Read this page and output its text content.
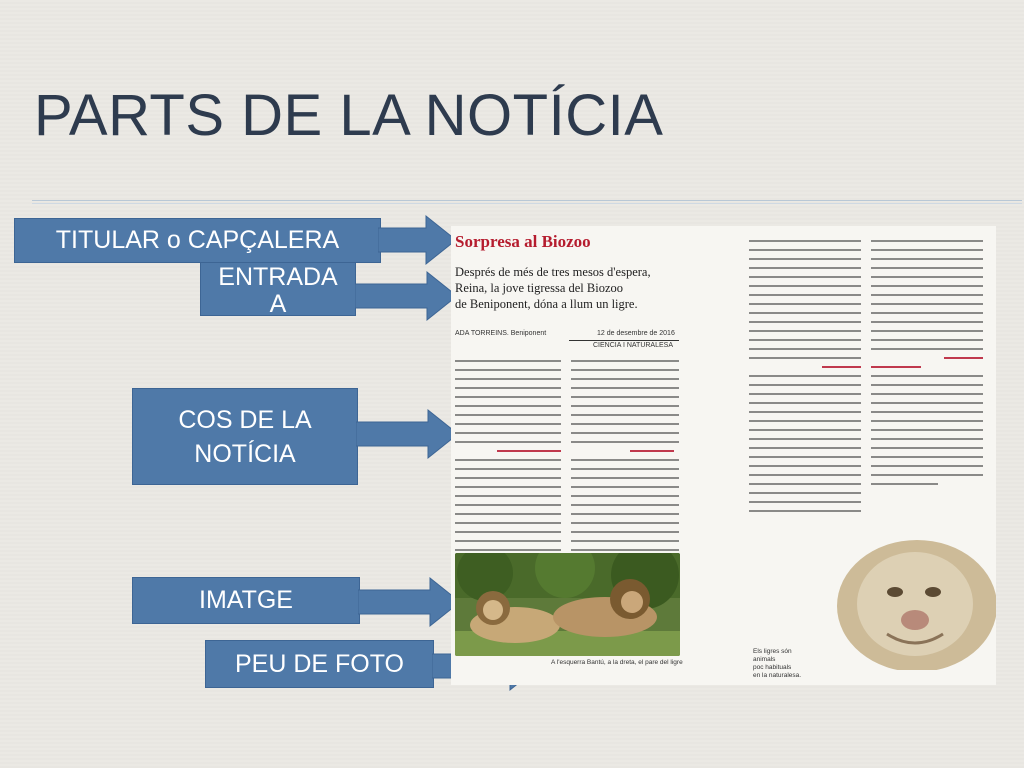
PARTS DE LA NOTÍCIA
TITULAR o CAPÇALERA
ENTRADA
A
COS DE LA
NOTÍCIA
IMATGE
PEU DE FOTO
Sorpresa al Biozoo
Després de més de tres mesos d'espera,
Reina, la jove tigressa del Biozoo
de Beniponent, dóna a llum un ligre.
ADA TORREINS. Beniponent	12 de desembre de 2016
CIENCIA I NATURALESA
A l'esquerra Bantú, a la dreta, el pare del ligre
Els ligres són animals
poc habituals
en la naturalesa.
